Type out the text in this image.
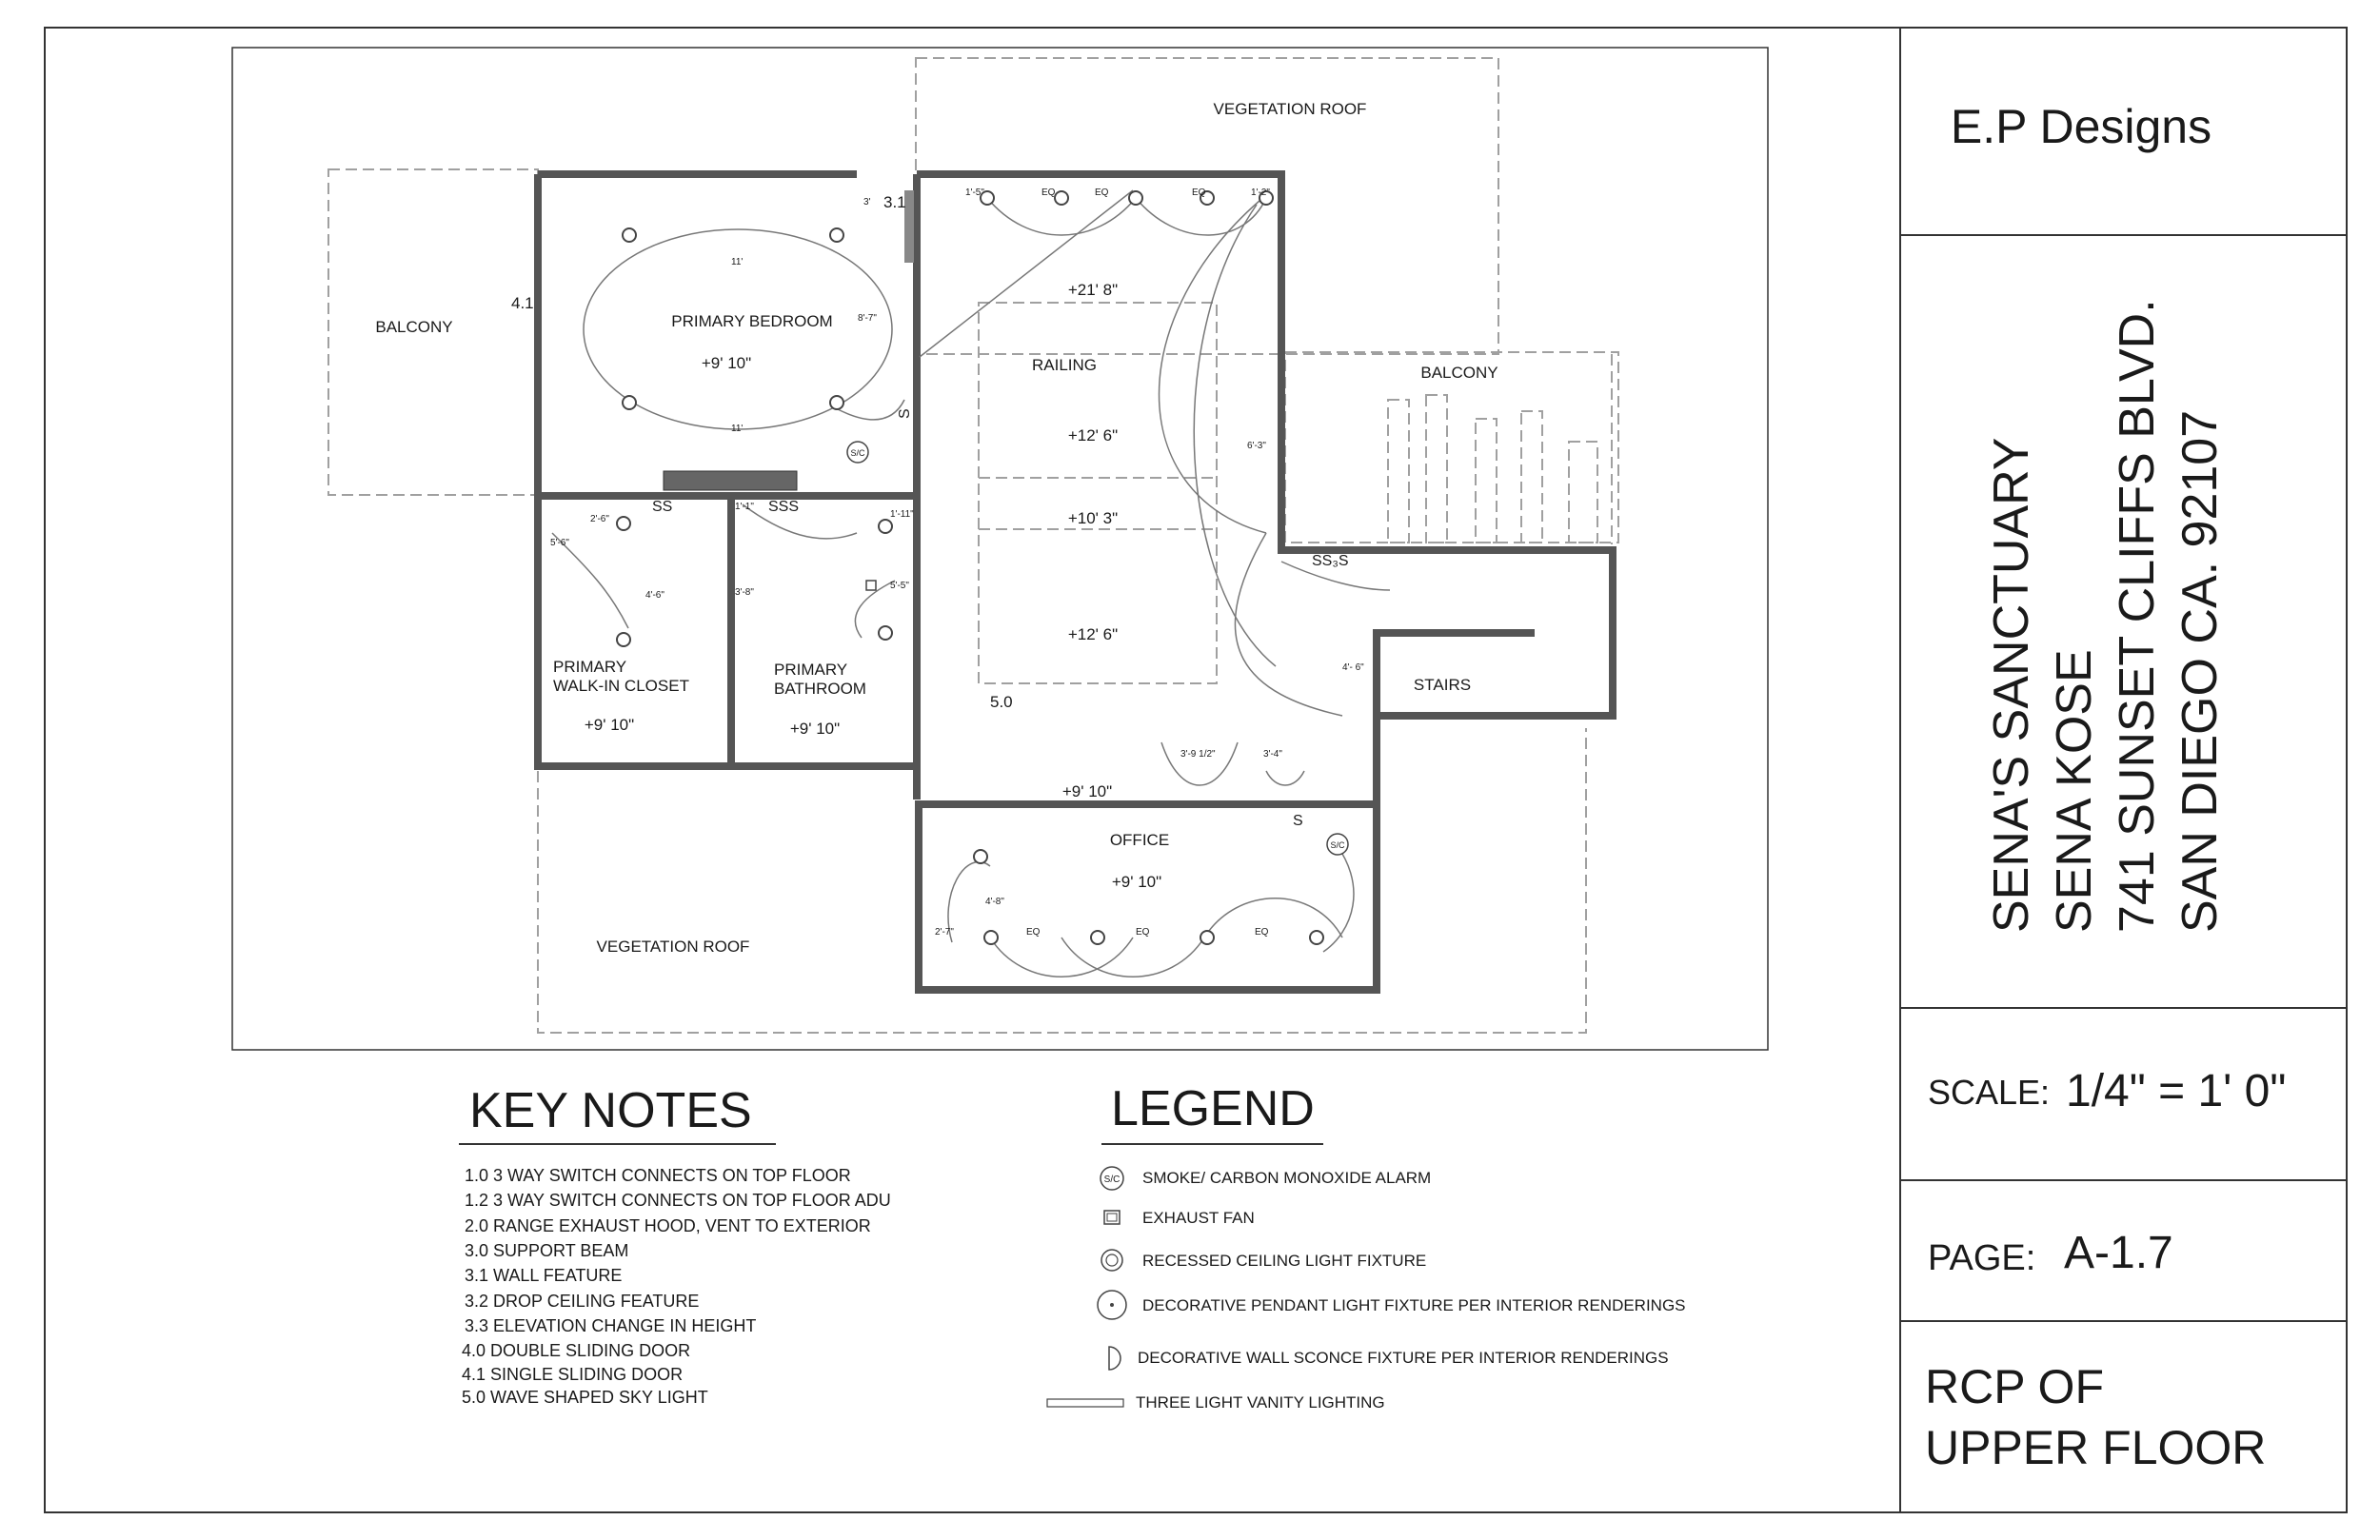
E.P Designs
SENA'S SANCTUARY SENA KOSE 741 SUNSET CLIFFS BLVD. SAN DIEGO CA. 92107
SCALE: 1/4" = 1' 0"
PAGE: A-1.7
RCP OF
UPPER FLOOR
PRIMARY BEDROOM
+9' 10"
BALCONY
BALCONY
VEGETATION ROOF
VEGETATION ROOF
RAILING
PRIMARY
WALK-IN CLOSET
+9' 10"
PRIMARY
BATHROOM
+9' 10"
OFFICE
+9' 10"
STAIRS
+21' 8"
+12' 6"
+10' 3"
+12' 6"
+9' 10"
3.1
4.1
5.0
1'-5"	EQ	EQ	EQ	1'-2"
3'
11'
11'
8'-7"
6'-3"
2'-6"
5'-6"
4'-6"
1'-1"
1'-11"
3'-8"
5'-5"
4'- 6"
3'-9 1/2"	3'-4"
4'-8"
2'-7"	EQ	EQ	EQ
SS	SSS
SS₃S
S
S
S/C
S/C
KEY NOTES
1.0 3 WAY SWITCH CONNECTS ON TOP FLOOR
1.2 3 WAY SWITCH CONNECTS ON TOP FLOOR ADU
2.0 RANGE EXHAUST HOOD, VENT TO EXTERIOR
3.0 SUPPORT BEAM
3.1 WALL FEATURE
3.2 DROP CEILING FEATURE
3.3 ELEVATION CHANGE IN HEIGHT
4.0 DOUBLE SLIDING DOOR
4.1 SINGLE SLIDING DOOR
5.0 WAVE SHAPED SKY LIGHT
LEGEND
S/C SMOKE/ CARBON MONOXIDE ALARM
EXHAUST FAN
RECESSED CEILING LIGHT FIXTURE
DECORATIVE PENDANT LIGHT FIXTURE PER INTERIOR RENDERINGS
DECORATIVE WALL SCONCE FIXTURE PER INTERIOR RENDERINGS
THREE LIGHT VANITY LIGHTING
